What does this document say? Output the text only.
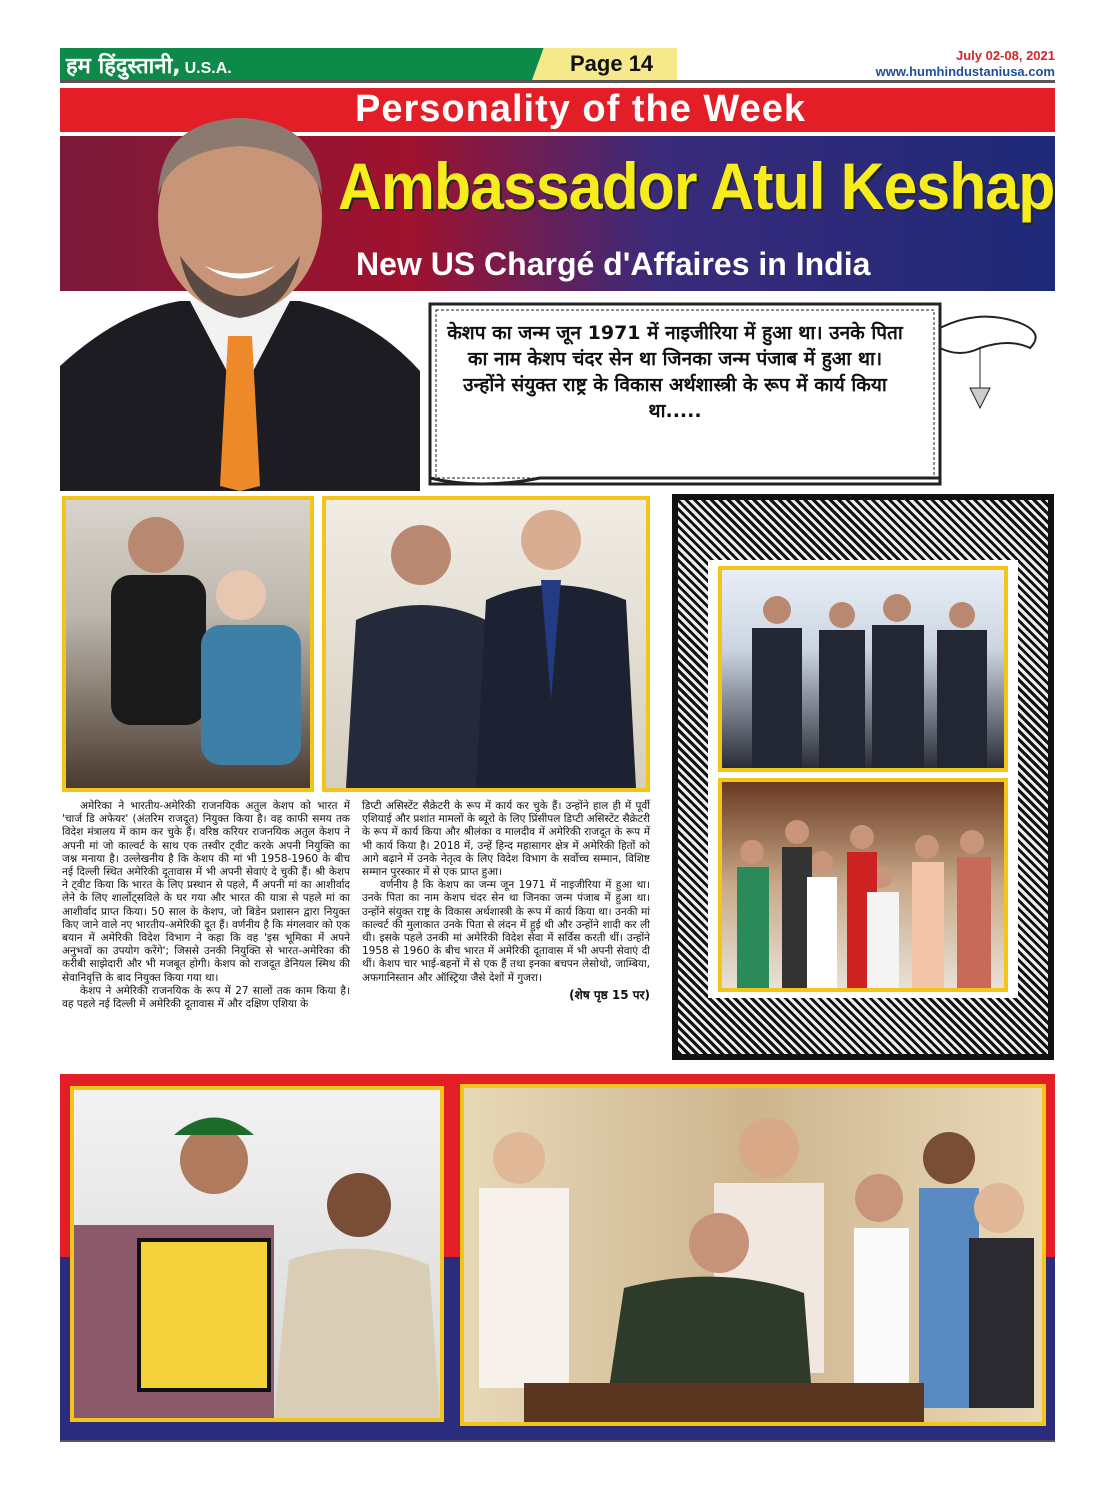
हम हिंदुस्तानी, U.S.A.	Page 14	July 02-08, 2021
www.humhindustaniusa.com
Personality of the Week
Ambassador Atul Keshap
New US Chargé d'Affaires in India
केशप का जन्म जून 1971 में नाइजीरिया में हुआ था। उनके पिता का नाम केशप चंदर सेन था जिनका जन्म पंजाब में हुआ था। उन्होंने संयुक्त राष्ट्र के विकास अर्थशास्त्री के रूप में कार्य किया था.....

अमेरिका ने भारतीय-अमेरिकी राजनयिक अतुल केशप को भारत में 'चार्ज डि अफेयर' (अंतरिम राजदूत) नियुक्त किया है। वह काफी समय तक विदेश मंत्रालय में काम कर चुके हैं। वरिष्ठ करियर राजनयिक अतुल केशप ने अपनी मां जो काल्वर्ट के साथ एक तस्वीर ट्वीट करके अपनी नियुक्ति का जश्न मनाया है। उल्लेखनीय है कि केशप की मां भी 1958-1960 के बीच नई दिल्ली स्थित अमेरिकी दूतावास में भी अपनी सेवाएं दे चुकी हैं। श्री केशप ने ट्वीट किया कि भारत के लिए प्रस्थान से पहले, मैं अपनी मां का आशीर्वाद लेने के लिए शार्लोट्सविले के घर गया और भारत की यात्रा से पहले मां का आशीर्वाद प्राप्त किया। 50 साल के केशप, जो बिडेन प्रशासन द्वारा नियुक्त किए जाने वाले नए भारतीय-अमेरिकी दूत हैं। वर्णनीय है कि मंगलवार को एक बयान में अमेरिकी विदेश विभाग ने कहा कि वह 'इस भूमिका में अपने अनुभवों का उपयोग करेंगे'; जिससे उनकी नियुक्ति से भारत-अमेरिका की करीबी साझेदारी और भी मजबूत होगी। केशप को राजदूत डेनियल स्मिथ की सेवानिवृत्ति के बाद नियुक्त किया गया था।

केशप ने अमेरिकी राजनयिक के रूप में 27 सालों तक काम किया है। वह पहले नई दिल्ली में अमेरिकी दूतावास में और दक्षिण एशिया के

डिप्टी असिस्टेंट सैक्रेटरी के रूप में कार्य कर चुके हैं। उन्होंने हाल ही में पूर्वी एशियाई और प्रशांत मामलों के ब्यूरो के लिए प्रिंसीपल डिप्टी असिस्टेंट सैक्रेटरी के रूप में कार्य किया और श्रीलंका व मालदीव में अमेरिकी राजदूत के रूप में भी कार्य किया है। 2018 में, उन्हें हिन्द महासागर क्षेत्र में अमेरिकी हितों को आगे बढ़ाने में उनके नेतृत्व के लिए विदेश विभाग के सर्वोच्च सम्मान, विशिष्ट सम्मान पुरस्कार में से एक प्राप्त हुआ।

वर्णनीय है कि केशप का जन्म जून 1971 में नाइजीरिया में हुआ था। उनके पिता का नाम केशप चंदर सेन था जिनका जन्म पंजाब में हुआ था। उन्होंने संयुक्त राष्ट्र के विकास अर्थशास्त्री के रूप में कार्य किया था। उनकी मां काल्वर्ट की मुलाकात उनके पिता से लंदन में हुई थी और उन्होंने शादी कर ली थी। इसके पहले उनकी मां अमेरिकी विदेश सेवा में सर्विस करती थीं। उन्होंने 1958 से 1960 के बीच भारत में अमेरिकी दूतावास में भी अपनी सेवाएं दी थीं। केशप चार भाई-बहनों में से एक हैं तथा इनका बचपन लेसोथो, जाम्बिया, अफगानिस्तान और ऑस्ट्रिया जैसे देशों में गुजरा।

(शेष पृष्ठ 15 पर)
